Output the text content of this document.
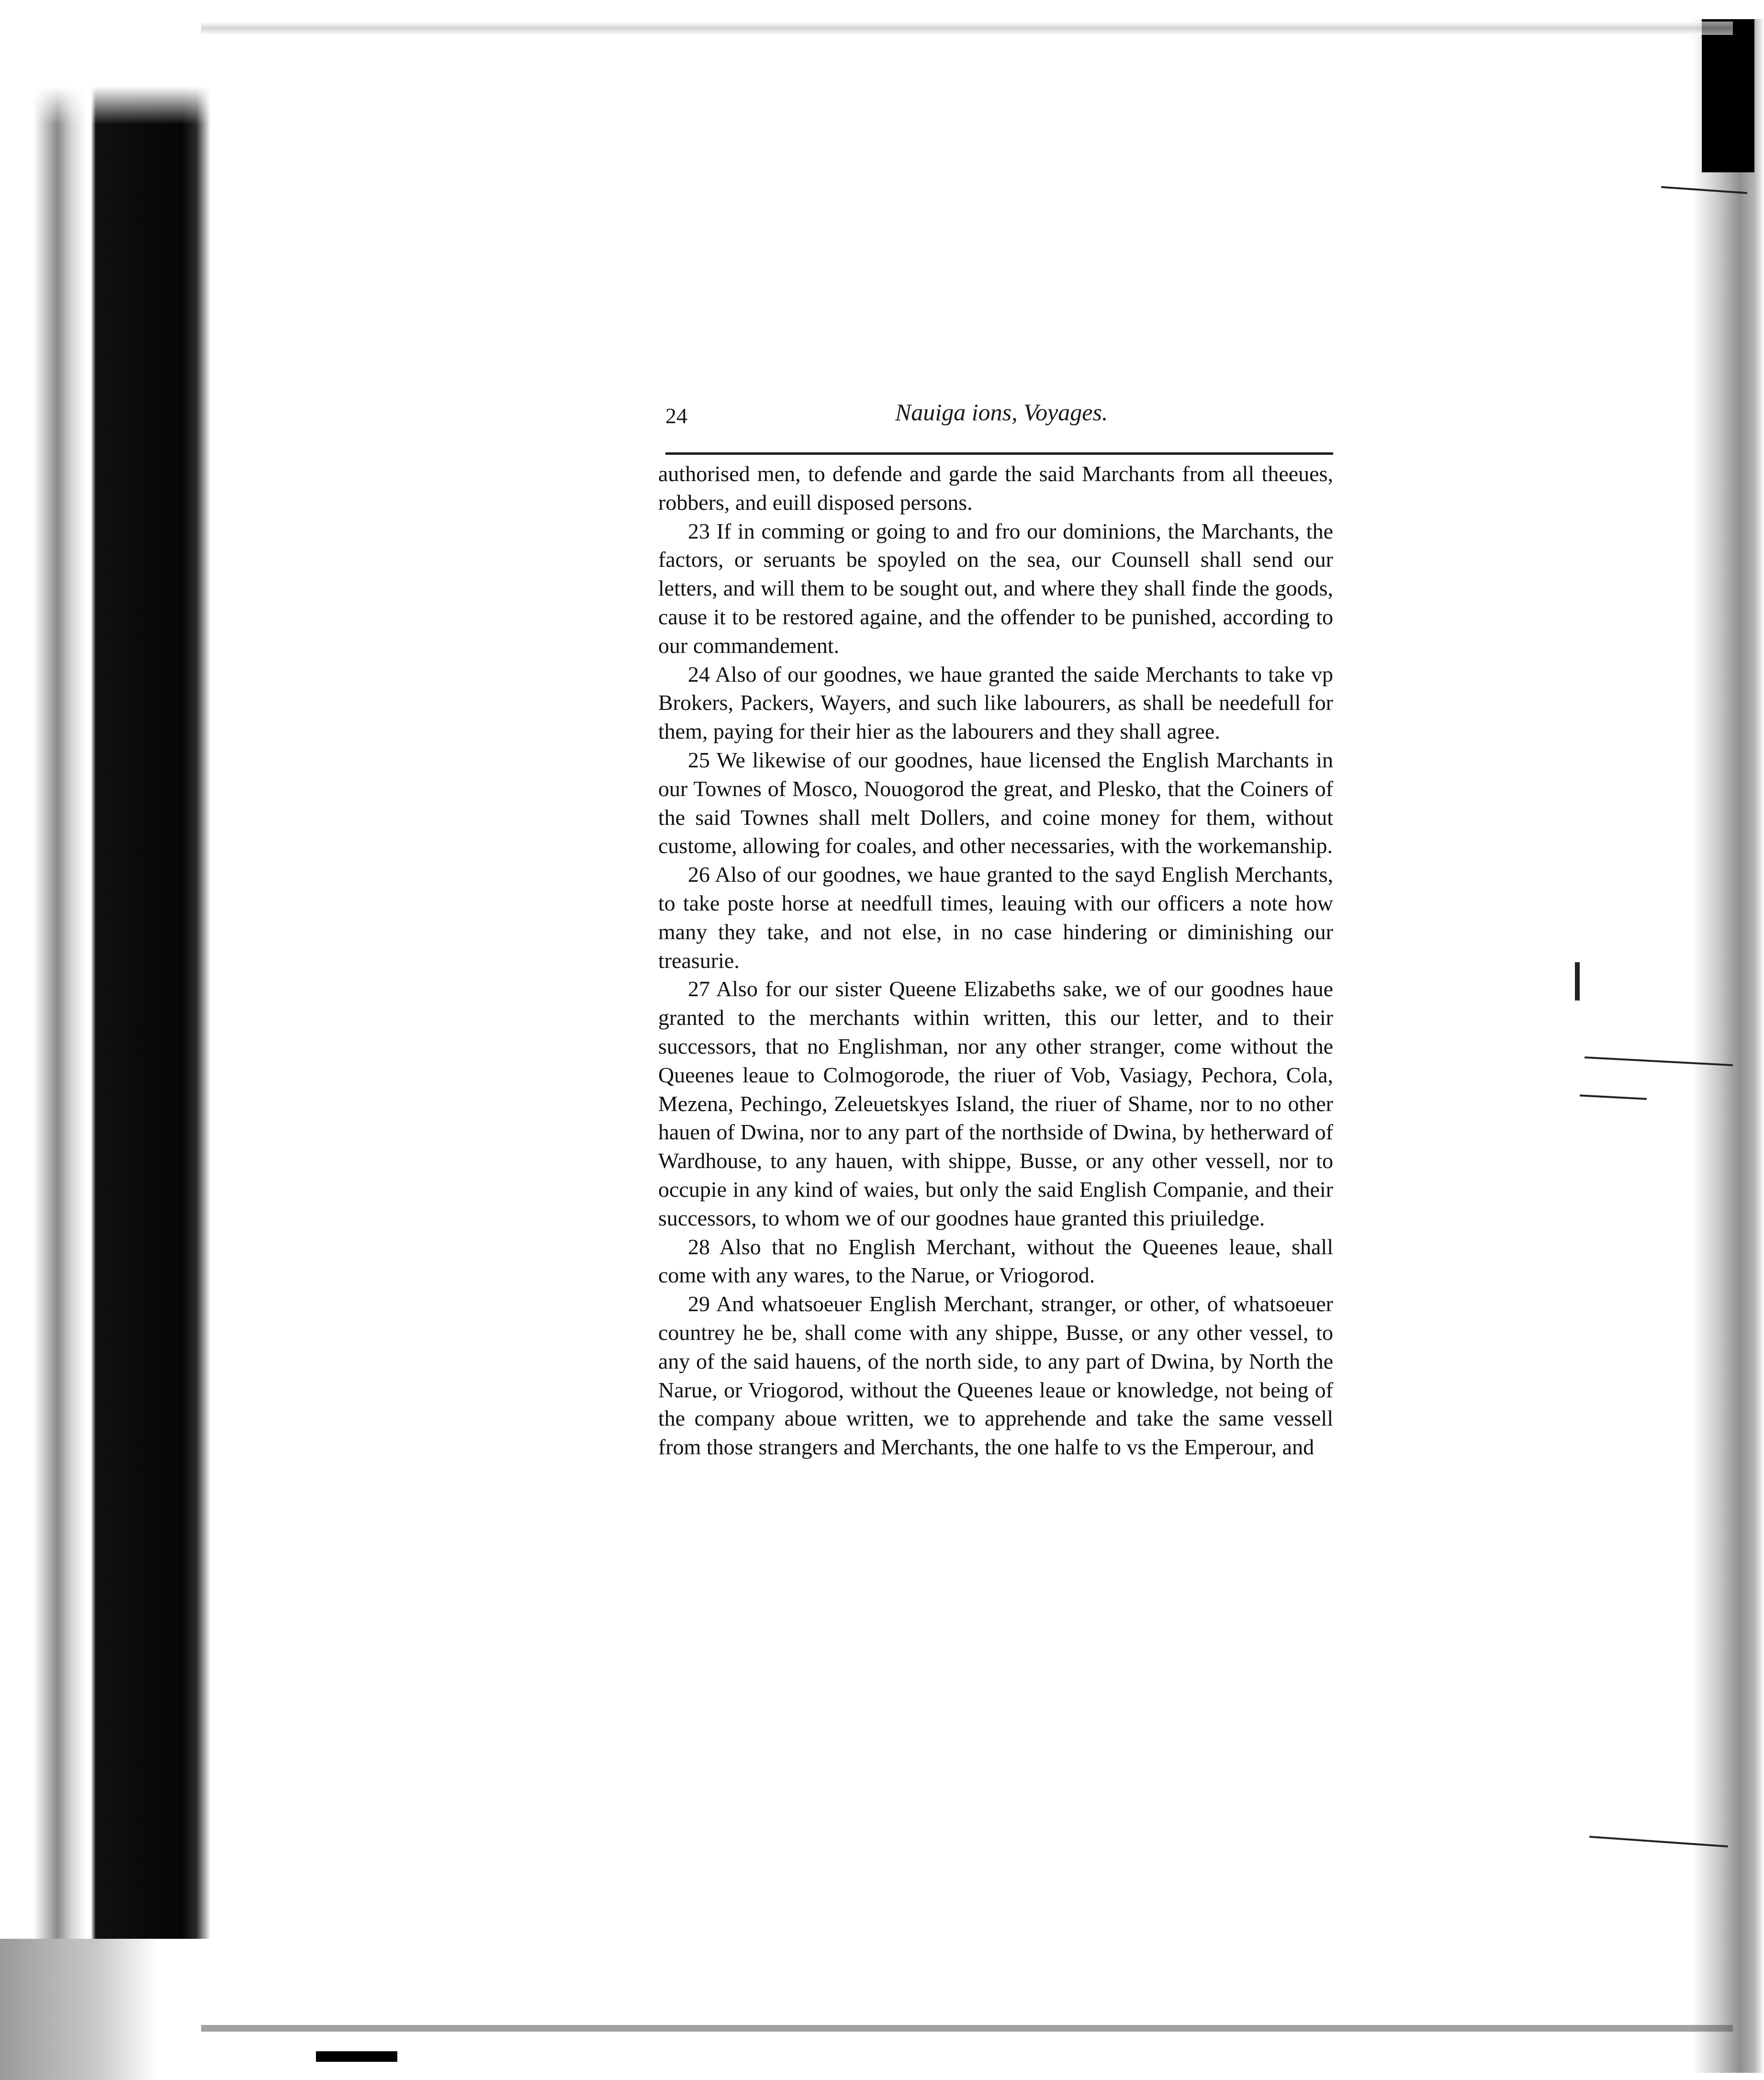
24	Nauiga ions, Voyages.

authorised men, to defende and garde the said Marchants from all theeues, robbers, and euill disposed persons.

23 If in comming or going to and fro our dominions, the Marchants, the factors, or seruants be spoyled on the sea, our Counsell shall send our letters, and will them to be sought out, and where they shall finde the goods, cause it to be restored againe, and the offender to be punished, according to our commandement.

24 Also of our goodnes, we haue granted the saide Merchants to take vp Brokers, Packers, Wayers, and such like labourers, as shall be needefull for them, paying for their hier as the labourers and they shall agree.

25 We likewise of our goodnes, haue licensed the English Marchants in our Townes of Mosco, Nouogorod the great, and Plesko, that the Coiners of the said Townes shall melt Dollers, and coine money for them, without custome, allowing for coales, and other necessaries, with the workemanship.

26 Also of our goodnes, we haue granted to the sayd English Merchants, to take poste horse at needfull times, leauing with our officers a note how many they take, and not else, in no case hindering or diminishing our treasurie.

27 Also for our sister Queene Elizabeths sake, we of our goodnes haue granted to the merchants within written, this our letter, and to their successors, that no Englishman, nor any other stranger, come without the Queenes leaue to Colmogorode, the riuer of Vob, Vasiagy, Pechora, Cola, Mezena, Pechingo, Zeleuetskyes Island, the riuer of Shame, nor to no other hauen of Dwina, nor to any part of the northside of Dwina, by hetherward of Wardhouse, to any hauen, with shippe, Busse, or any other vessell, nor to occupie in any kind of waies, but only the said English Companie, and their successors, to whom we of our goodnes haue granted this priuiledge.

28 Also that no English Merchant, without the Queenes leaue, shall come with any wares, to the Narue, or Vriogorod.

29 And whatsoeuer English Merchant, stranger, or other, of whatsoeuer countrey he be, shall come with any shippe, Busse, or any other vessel, to any of the said hauens, of the north side, to any part of Dwina, by North the Narue, or Vriogorod, without the Queenes leaue or knowledge, not being of the company aboue written, we to apprehende and take the same vessell from those strangers and Merchants, the one halfe to vs the Emperour, and
